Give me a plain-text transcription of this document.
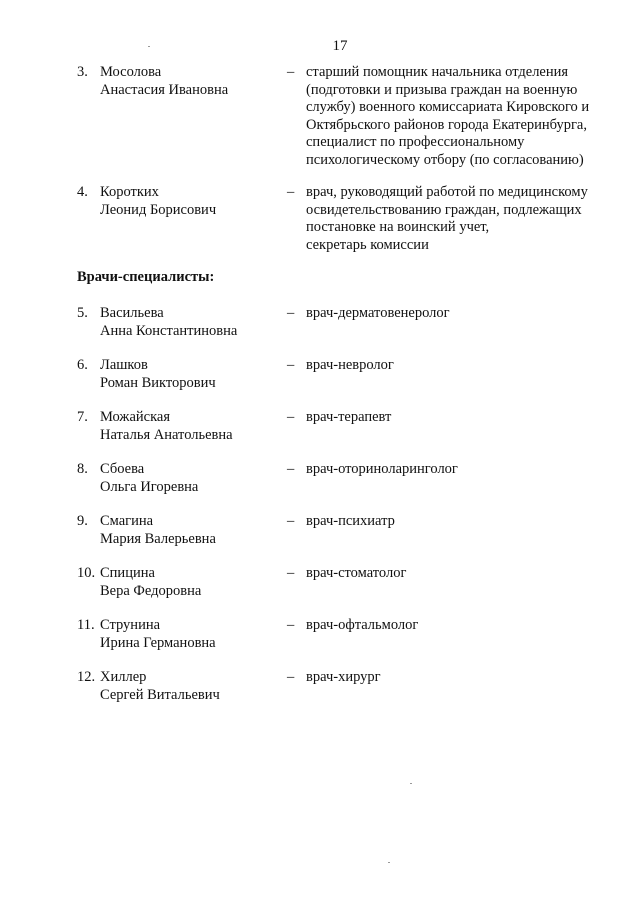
17
3. Мосолова
Анастасия Ивановна
– старший помощник начальника отделения
(подготовки и призыва граждан на военную
службу) военного комиссариата Кировского и
Октябрьского районов города Екатеринбурга,
специалист по профессиональному
психологическому отбору (по согласованию)
4. Коротких
Леонид Борисович
– врач, руководящий работой по медицинскому
освидетельствованию граждан, подлежащих
постановке на воинский учет,
секретарь комиссии
Врачи-специалисты:
5. Васильева
Анна Константиновна
– врач-дерматовенеролог
6. Лашков
Роман Викторович
– врач-невролог
7. Можайская
Наталья Анатольевна
– врач-терапевт
8. Сбоева
Ольга Игоревна
– врач-оториноларинголог
9. Смагина
Мария Валерьевна
– врач-психиатр
10. Спицина
Вера Федоровна
– врач-стоматолог
11. Струнина
Ирина Германовна
– врач-офтальмолог
12. Хиллер
Сергей Витальевич
– врач-хирург
